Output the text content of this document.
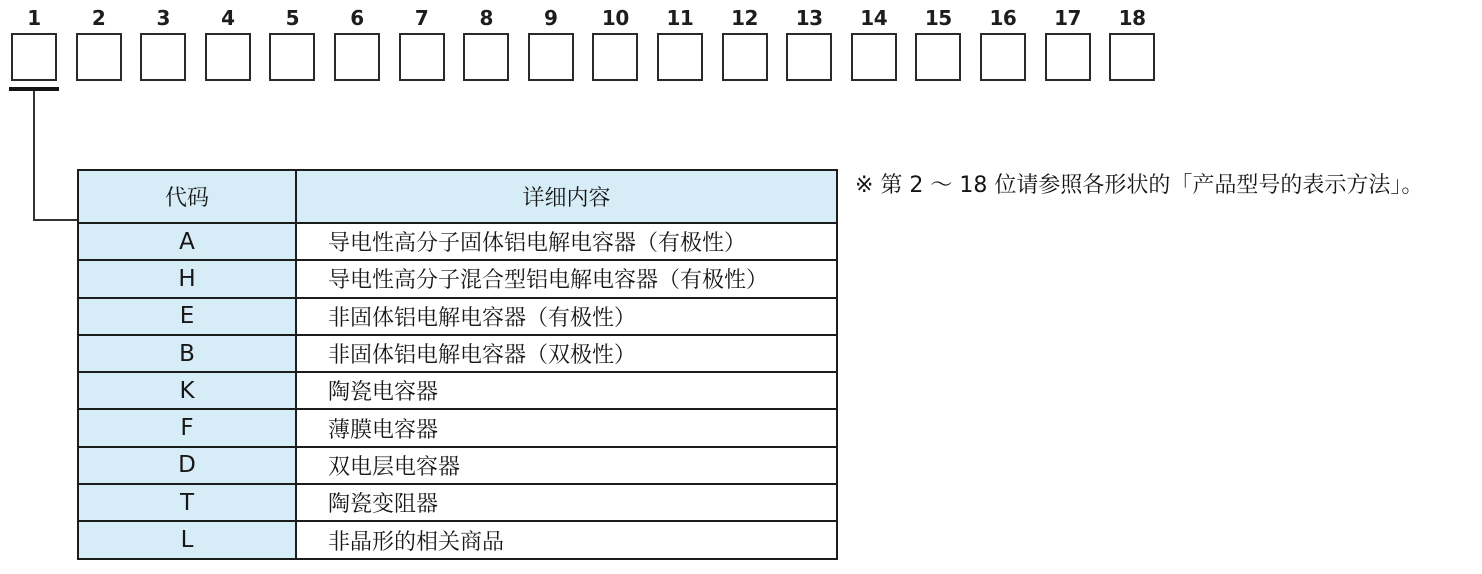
1	2	3	4	5	6	7	8	9 10 11 12 13 14 15 16 17 18
代码	详细内容
A	导电性高分子固体铝电解电容器（有极性）
H	导电性高分子混合型铝电解电容器（有极性）
E	非固体铝电解电容器（有极性）
B	非固体铝电解电容器（双极性）
K	陶瓷电容器
F	薄膜电容器
D	双电层电容器
T	陶瓷变阻器
L	非晶形的相关商品
※ 第 2 ～ 18 位请参照各形状的「产品型号的表示方法」。
